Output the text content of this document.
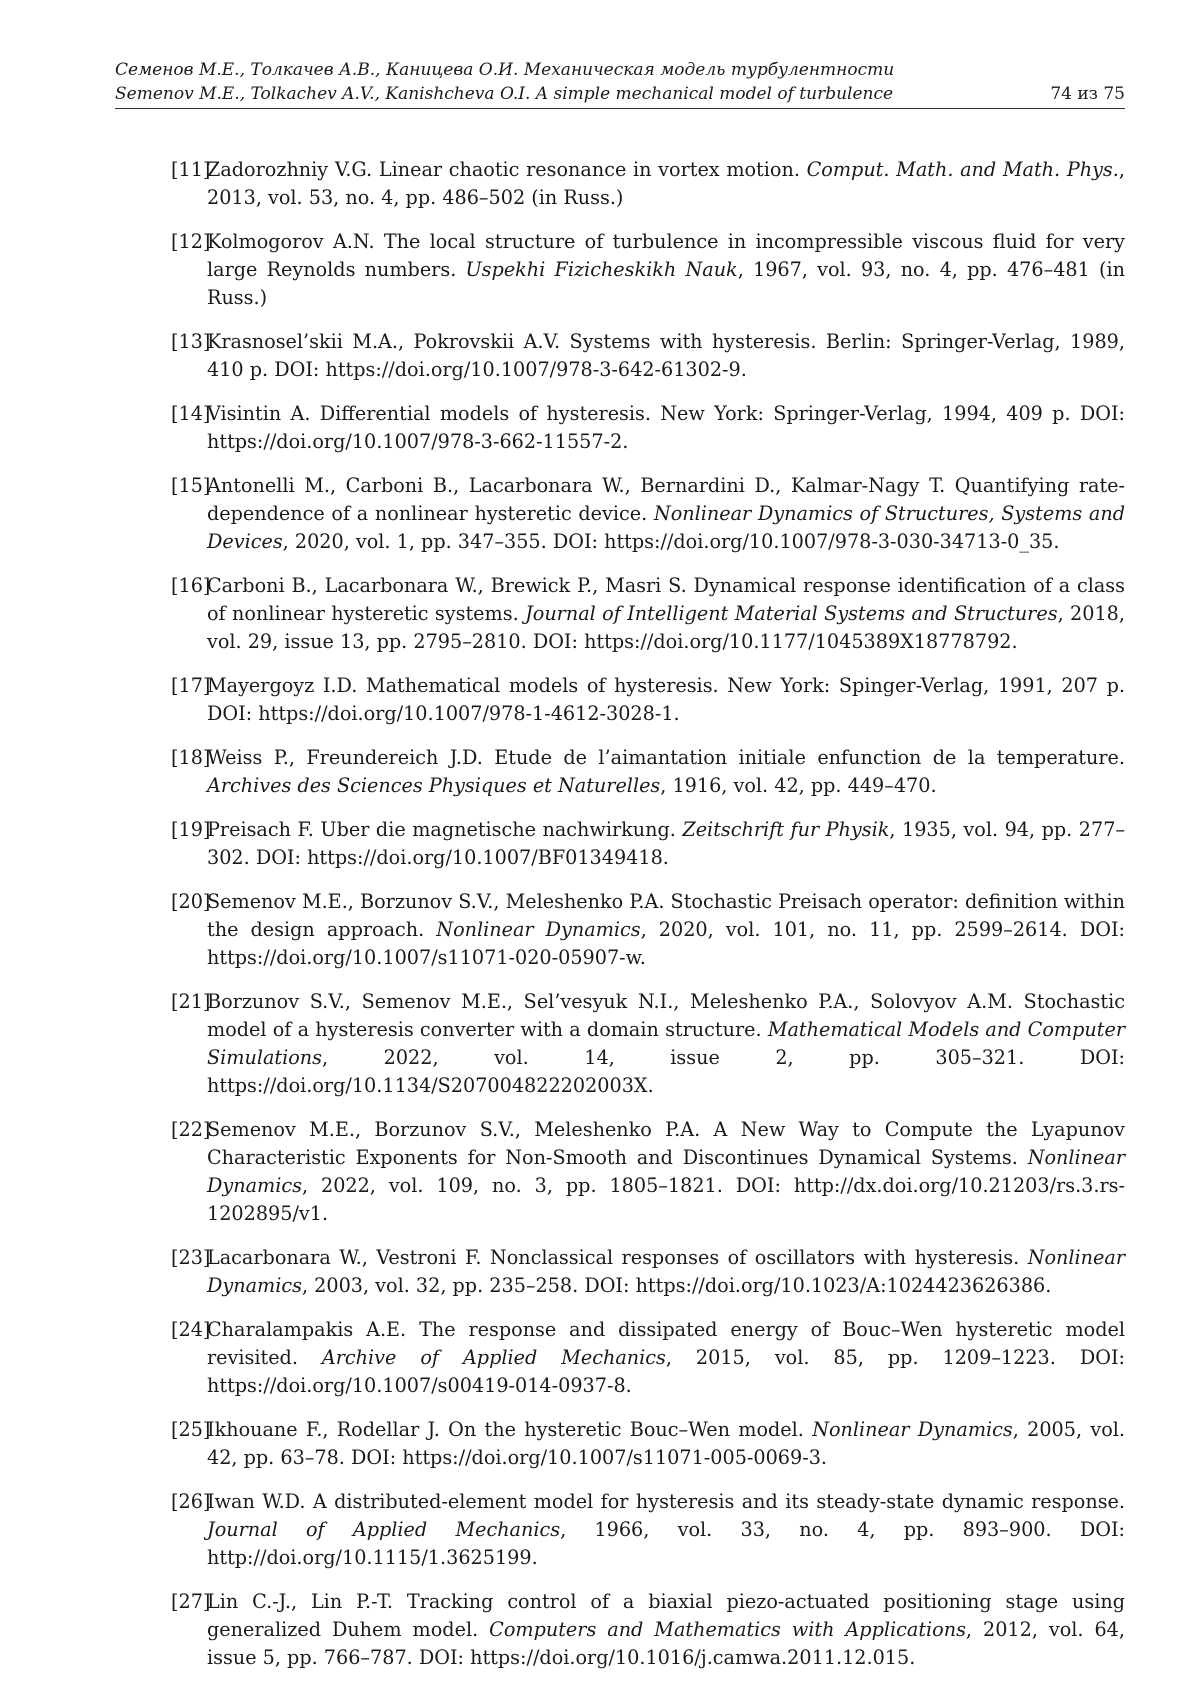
Семенов М.Е., Толкачев А.В., Каницева О.И. Механическая модель турбулентности
Semenov M.E., Tolkachev A.V., Kanishcheva O.I. A simple mechanical model of turbulence	74 из 75
[11]
Zadorozhniy V.G. Linear chaotic resonance in vortex motion. Comput. Math. and Math. Phys., 2013, vol. 53, no. 4, pp. 486–502 (in Russ.)
[12]
Kolmogorov A.N. The local structure of turbulence in incompressible viscous fluid for very large Reynolds numbers. Uspekhi Fizicheskikh Nauk, 1967, vol. 93, no. 4, pp. 476–481 (in Russ.)
[13]
Krasnosel’skii M.A., Pokrovskii A.V. Systems with hysteresis. Berlin: Springer-Verlag, 1989, 410 p. DOI: https://doi.org/10.1007/978-3-642-61302-9.
[14]
Visintin A. Differential models of hysteresis. New York: Springer-Verlag, 1994, 409 p. DOI: https://doi.org/10.1007/978-3-662-11557-2.
[15]
Antonelli M., Carboni B., Lacarbonara W., Bernardini D., Kalmar-Nagy T. Quantifying rate-dependence of a nonlinear hysteretic device. Nonlinear Dynamics of Structures, Systems and Devices, 2020, vol. 1, pp. 347–355. DOI: https://doi.org/10.1007/978-3-030-34713-0_35.
[16]
Carboni B., Lacarbonara W., Brewick P., Masri S. Dynamical response identification of a class of nonlinear hysteretic systems. Journal of Intelligent Material Systems and Structures, 2018, vol. 29, issue 13, pp. 2795–2810. DOI: https://doi.org/10.1177/1045389X18778792.
[17]
Mayergoyz I.D. Mathematical models of hysteresis. New York: Spinger-Verlag, 1991, 207 p. DOI: https://doi.org/10.1007/978-1-4612-3028-1.
[18]
Weiss P., Freundereich J.D. Etude de l’aimantation initiale enfunction de la temperature. Archives des Sciences Physiques et Naturelles, 1916, vol. 42, pp. 449–470.
[19]
Preisach F. Uber die magnetische nachwirkung. Zeitschrift fur Physik, 1935, vol. 94, pp. 277–302. DOI: https://doi.org/10.1007/BF01349418.
[20]
Semenov M.E., Borzunov S.V., Meleshenko P.A. Stochastic Preisach operator: definition within the design approach. Nonlinear Dynamics, 2020, vol. 101, no. 11, pp. 2599–2614. DOI: https://doi.org/10.1007/s11071-020-05907-w.
[21]
Borzunov S.V., Semenov M.E., Sel’vesyuk N.I., Meleshenko P.A., Solovyov A.M. Stochastic model of a hysteresis converter with a domain structure. Mathematical Models and Computer Simulations, 2022, vol. 14, issue 2, pp. 305–321. DOI: https://doi.org/10.1134/S207004822202003X.
[22]
Semenov M.E., Borzunov S.V., Meleshenko P.A. A New Way to Compute the Lyapunov Characteristic Exponents for Non-Smooth and Discontinues Dynamical Systems. Nonlinear Dynamics, 2022, vol. 109, no. 3, pp. 1805–1821. DOI: http://dx.doi.org/10.21203/rs.3.rs-1202895/v1.
[23]
Lacarbonara W., Vestroni F. Nonclassical responses of oscillators with hysteresis. Nonlinear Dynamics, 2003, vol. 32, pp. 235–258. DOI: https://doi.org/10.1023/A:1024423626386.
[24]
Charalampakis A.E. The response and dissipated energy of Bouc–Wen hysteretic model revisited. Archive of Applied Mechanics, 2015, vol. 85, pp. 1209–1223. DOI: https://doi.org/10.1007/s00419-014-0937-8.
[25]
Ikhouane F., Rodellar J. On the hysteretic Bouc–Wen model. Nonlinear Dynamics, 2005, vol. 42, pp. 63–78. DOI: https://doi.org/10.1007/s11071-005-0069-3.
[26]
Iwan W.D. A distributed-element model for hysteresis and its steady-state dynamic response. Journal of Applied Mechanics, 1966, vol. 33, no. 4, pp. 893–900. DOI: http://doi.org/10.1115/1.3625199.
[27]
Lin C.-J., Lin P.-T. Tracking control of a biaxial piezo-actuated positioning stage using generalized Duhem model. Computers and Mathematics with Applications, 2012, vol. 64, issue 5, pp. 766–787. DOI: https://doi.org/10.1016/j.camwa.2011.12.015.
